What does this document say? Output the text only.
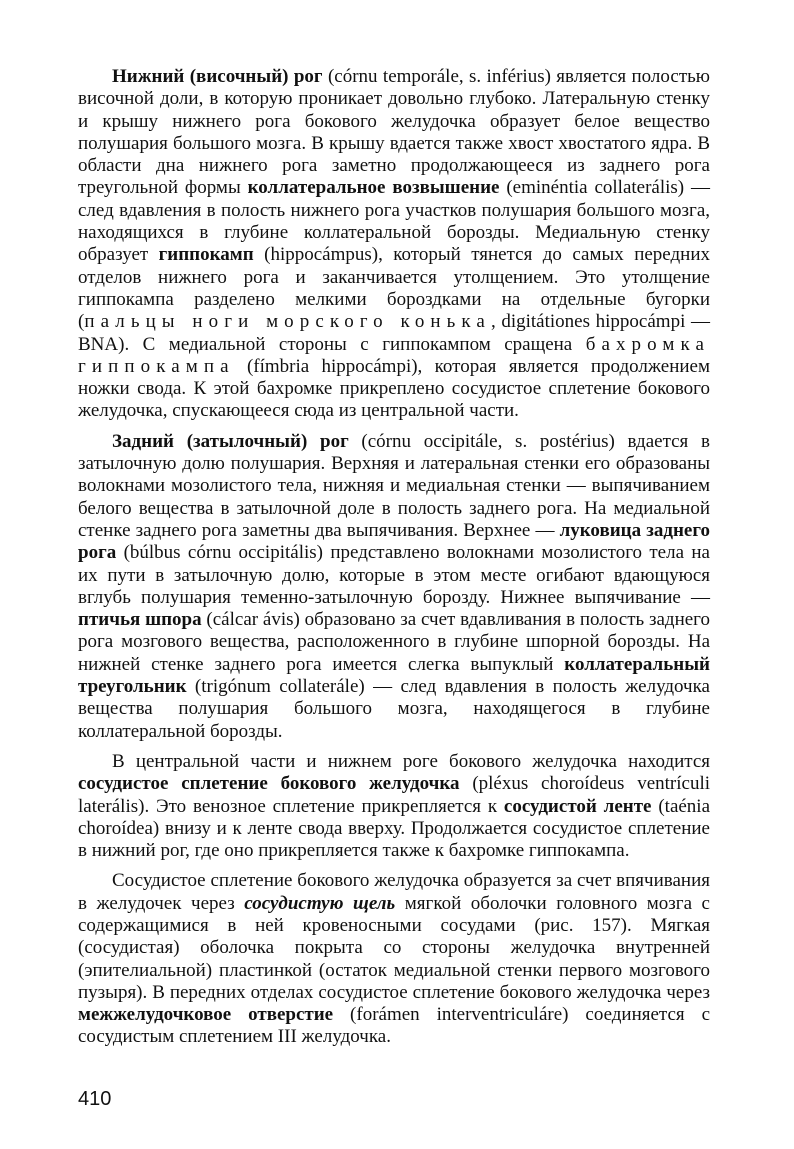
Нижний (височный) рог (córnu temporále, s. inférius) является полостью височной доли, в которую проникает довольно глубоко. Латеральную стенку и крышу нижнего рога бокового желудочка образует белое вещество полушария большого мозга. В крышу вдается также хвост хвостатого ядра. В области дна нижнего рога заметно продолжающееся из заднего рога треугольной формы коллатеральное возвышение (eminéntia collaterális) — след вдавления в полость нижнего рога участков полушария большого мозга, находящихся в глубине коллатеральной борозды. Медиальную стенку образует гиппокамп (hippocámpus), который тянется до самых передних отделов нижнего рога и заканчивается утолщением. Это утолщение гиппокампа разделено мелкими бороздками на отдельные бугорки (пальцы ноги морского конька, digitátiones hippocámpi — BNA). С медиальной стороны с гиппокампом сращена бахромка гиппокампа (fímbria hippocámpi), которая является продолжением ножки свода. К этой бахромке прикреплено сосудистое сплетение бокового желудочка, спускающееся сюда из центральной части.

Задний (затылочный) рог (córnu occipitále, s. postérius) вдается в затылочную долю полушария. Верхняя и латеральная стенки его образованы волокнами мозолистого тела, нижняя и медиальная стенки — выпячиванием белого вещества в затылочной доле в полость заднего рога. На медиальной стенке заднего рога заметны два выпячивания. Верхнее — луковица заднего рога (búlbus córnu occipitális) представлено волокнами мозолистого тела на их пути в затылочную долю, которые в этом месте огибают вдающуюся вглубь полушария теменно-затылочную борозду. Нижнее выпячивание — птичья шпора (cálcar ávis) образовано за счет вдавливания в полость заднего рога мозгового вещества, расположенного в глубине шпорной борозды. На нижней стенке заднего рога имеется слегка выпуклый коллатеральный треугольник (trigónum collaterále) — след вдавления в полость желудочка вещества полушария большого мозга, находящегося в глубине коллатеральной борозды.

В центральной части и нижнем роге бокового желудочка находится сосудистое сплетение бокового желудочка (pléxus choroídeus ventrículi laterális). Это венозное сплетение прикрепляется к сосудистой ленте (taénia choroídea) внизу и к ленте свода вверху. Продолжается сосудистое сплетение в нижний рог, где оно прикрепляется также к бахромке гиппокампа.

Сосудистое сплетение бокового желудочка образуется за счет впячивания в желудочек через сосудистую щель мягкой оболочки головного мозга с содержащимися в ней кровеносными сосудами (рис. 157). Мягкая (сосудистая) оболочка покрыта со стороны желудочка внутренней (эпителиальной) пластинкой (остаток медиальной стенки первого мозгового пузыря). В передних отделах сосудистое сплетение бокового желудочка через межжелудочковое отверстие (forámen interventriculáre) соединяется с сосудистым сплетением III желудочка.

410
